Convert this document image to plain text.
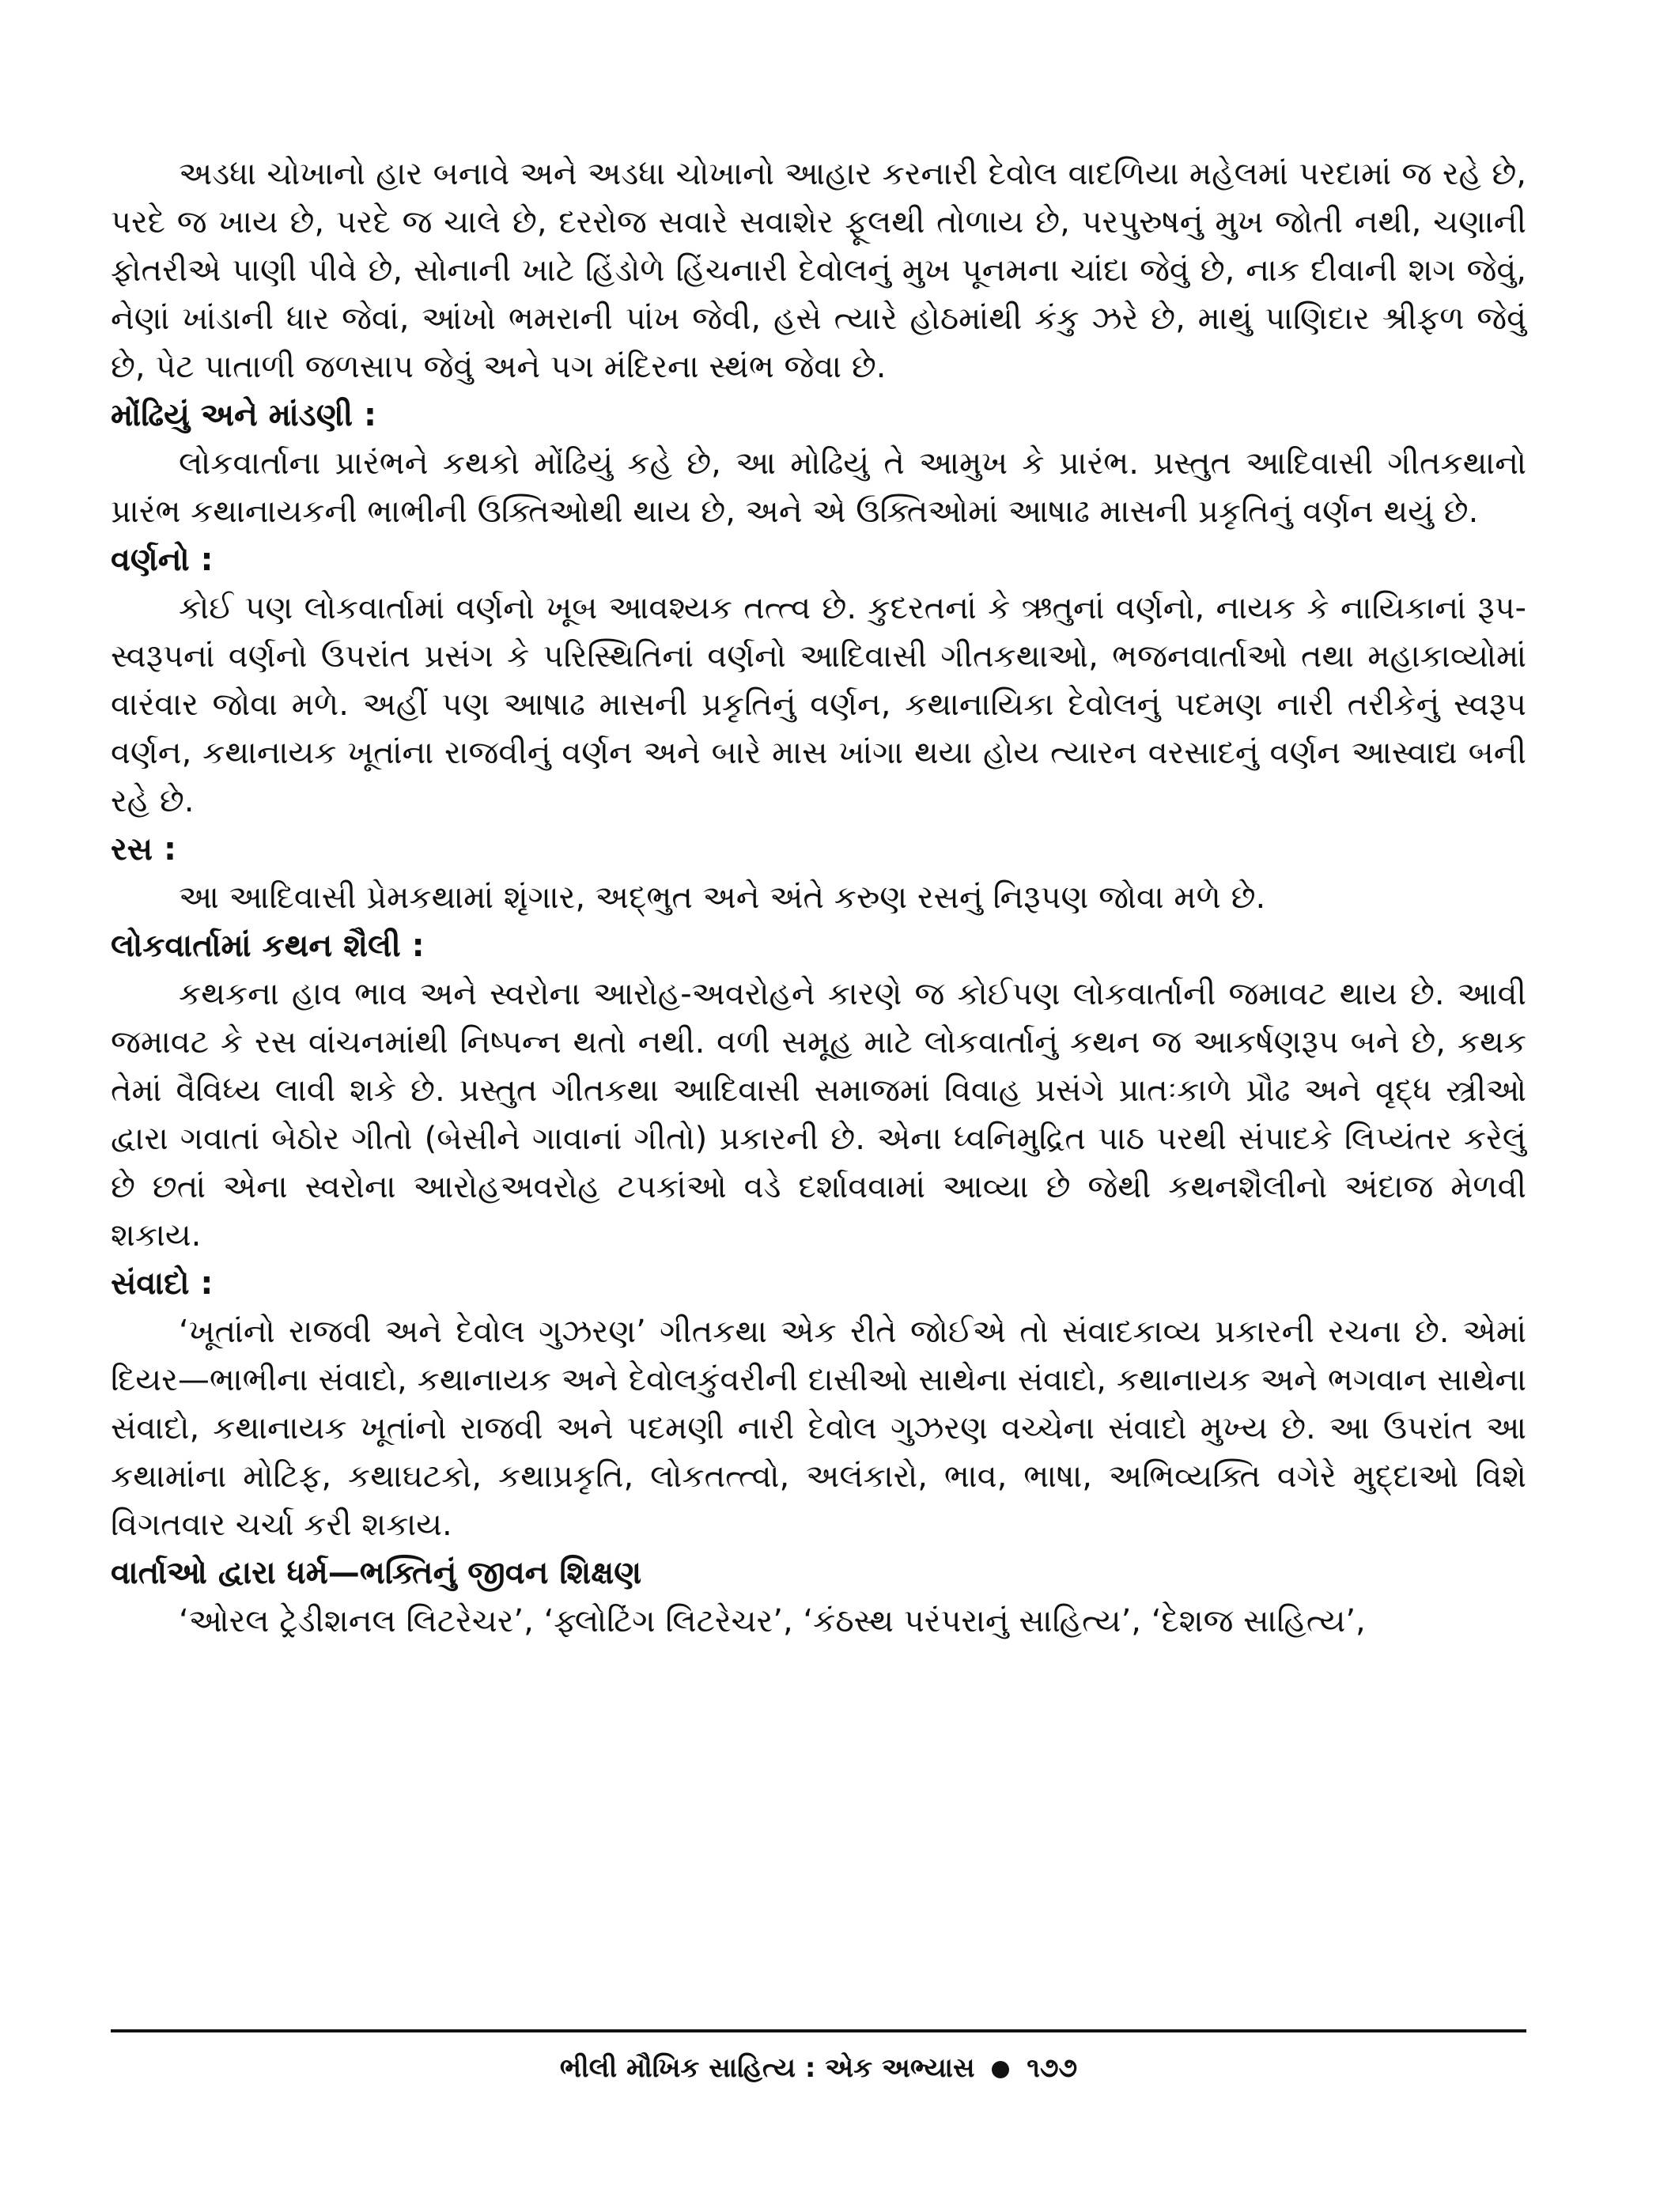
અડધા ચોખાનો હાર બનાવે અને અડધા ચોખાનો આહાર કરનારી દેવોલ વાદળિયા મહેલમાં પરદામાં જ રહે છે, પરદે જ ખાય છે, પરદે જ ચાલે છે, દરરોજ સવારે સવાશેર ફૂલથી તોળાય છે, પરપુરુષનું મુખ જોતી નથી, ચણાની ફોતરીએ પાણી પીવે છે, સોનાની ખાટે હિંડોળે હિંચનારી દેવોલનું મુખ પૂનમના ચાંદા જેવું છે, નાક દીવાની શગ જેવું, નેણાં ખાંડાની ધાર જેવાં, આંખો ભમરાની પાંખ જેવી, હસે ત્યારે હોઠમાંથી કંકુ ઝરે છે, માથું પાણિદાર શ્રીફળ જેવું છે, પેટ પાતાળી જળસાપ જેવું અને પગ મંદિરના સ્થંભ જેવા છે.

મોંઢિયું અને માંડણી :

લોકવાર્તાના પ્રારંભને કથકો મોંઢિયું કહે છે, આ મોઢિયું તે આમુખ કે પ્રારંભ. પ્રસ્તુત આદિવાસી ગીતકથાનો પ્રારંભ કથાનાયકની ભાભીની ઉક્તિઓથી થાય છે, અને એ ઉક્તિઓમાં આષાઢ માસની પ્રકૃતિનું વર્ણન થયું છે.

વર્ણનો :

કોઈ પણ લોકવાર્તામાં વર્ણનો ખૂબ આવશ્યક તત્ત્વ છે. કુદરતનાં કે ઋતુનાં વર્ણનો, નાયક કે નાયિકાનાં રૂપ-સ્વરૂપનાં વર્ણનો ઉપરાંત પ્રસંગ કે પરિસ્થિતિનાં વર્ણનો આદિવાસી ગીતકથાઓ, ભજનવાર્તાઓ તથા મહાકાવ્યોમાં વારંવાર જોવા મળે. અહીં પણ આષાઢ માસની પ્રકૃતિનું વર્ણન, કથાનાયિકા દેવોલનું પદમણ નારી તરીકેનું સ્વરૂપ વર્ણન, કથાનાયક ખૂતાંના રાજવીનું વર્ણન અને બારે માસ ખાંગા થયા હોય ત્યારન વરસાદનું વર્ણન આસ્વાદ્ય બની રહે છે.

રસ :

આ આદિવાસી પ્રેમકથામાં શૃંગાર, અદ્ભુત અને અંતે કરુણ રસનું નિરૂપણ જોવા મળે છે.

લોકવાર્તામાં કથન શૈલી :

કથકના હાવ ભાવ અને સ્વરોના આરોહ-અવરોહને કારણે જ કોઈપણ લોકવાર્તાની જમાવટ થાય છે. આવી જમાવટ કે રસ વાંચનમાંથી નિષ્પન્ન થતો નથી. વળી સમૂહ માટે લોકવાર્તાનું કથન જ આકર્ષણરૂપ બને છે, કથક તેમાં વૈવિધ્ય લાવી શકે છે. પ્રસ્તુત ગીતકથા આદિવાસી સમાજમાં વિવાહ પ્રસંગે પ્રાતઃકાળે પ્રૌઢ અને વૃદ્ધ સ્ત્રીઓ દ્વારા ગવાતાં બેઠોર ગીતો (બેસીને ગાવાનાં ગીતો) પ્રકારની છે. એના ધ્વનિમુદ્રિત પાઠ પરથી સંપાદકે લિપ્યંતર કરેલું છે છતાં એના સ્વરોના આરોહઅવરોહ ટપકાંઓ વડે દર્શાવવામાં આવ્યા છે જેથી કથનશૈલીનો અંદાજ મેળવી શકાય.

સંવાદો :

‘ખૂતાંનો રાજવી અને દેવોલ ગુઝરણ’ ગીતકથા એક રીતે જોઈએ તો સંવાદકાવ્ય પ્રકારની રચના છે. એમાં દિયર—ભાભીના સંવાદો, કથાનાયક અને દેવોલકુંવરીની દાસીઓ સાથેના સંવાદો, કથાનાયક અને ભગવાન સાથેના સંવાદો, કથાનાયક ખૂતાંનો રાજવી અને પદમણી નારી દેવોલ ગુઝરણ વચ્ચેના સંવાદો મુખ્ય છે. આ ઉપરાંત આ કથામાંના મોટિફ, કથાઘટકો, કથાપ્રકૃતિ, લોકતત્ત્વો, અલંકારો, ભાવ, ભાષા, અભિવ્યક્તિ વગેરે મુદ્દાઓ વિશે વિગતવાર ચર્ચા કરી શકાય.

વાર્તાઓ દ્વારા ધર્મ—ભક્તિનું જીવન શિક્ષણ

‘ઓરલ ટ્રેડીશનલ લિટરેચર’, ‘ફ્લોટિંગ લિટરેચર’, ‘કંઠસ્થ પરંપરાનું સાહિત્ય’, ‘દેશજ સાહિત્ય’,

ભીલી મૌખિક સાહિત્ય : એક અભ્યાસ ૧૭૭
